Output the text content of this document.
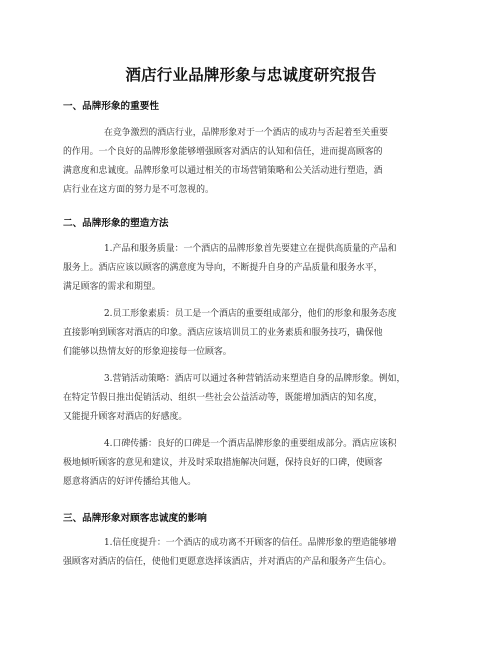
酒店行业品牌形象与忠诚度研究报告
一、品牌形象的重要性
在竞争激烈的酒店行业，品牌形象对于一个酒店的成功与否起着至关重要
的作用。一个良好的品牌形象能够增强顾客对酒店的认知和信任，进而提高顾客的
满意度和忠诚度。品牌形象可以通过相关的市场营销策略和公关活动进行塑造，酒
店行业在这方面的努力是不可忽视的。
二、品牌形象的塑造方法
1.产品和服务质量：一个酒店的品牌形象首先要建立在提供高质量的产品和
服务上。酒店应该以顾客的满意度为导向，不断提升自身的产品质量和服务水平，
满足顾客的需求和期望。
2.员工形象素质：员工是一个酒店的重要组成部分，他们的形象和服务态度
直接影响到顾客对酒店的印象。酒店应该培训员工的业务素质和服务技巧，确保他
们能够以热情友好的形象迎接每一位顾客。
3.营销活动策略：酒店可以通过各种营销活动来塑造自身的品牌形象。例如，
在特定节假日推出促销活动、组织一些社会公益活动等，既能增加酒店的知名度，
又能提升顾客对酒店的好感度。
4.口碑传播：良好的口碑是一个酒店品牌形象的重要组成部分。酒店应该积
极地倾听顾客的意见和建议，并及时采取措施解决问题，保持良好的口碑，使顾客
愿意将酒店的好评传播给其他人。
三、品牌形象对顾客忠诚度的影响
1.信任度提升：一个酒店的成功离不开顾客的信任。品牌形象的塑造能够增
强顾客对酒店的信任，使他们更愿意选择该酒店，并对酒店的产品和服务产生信心。
